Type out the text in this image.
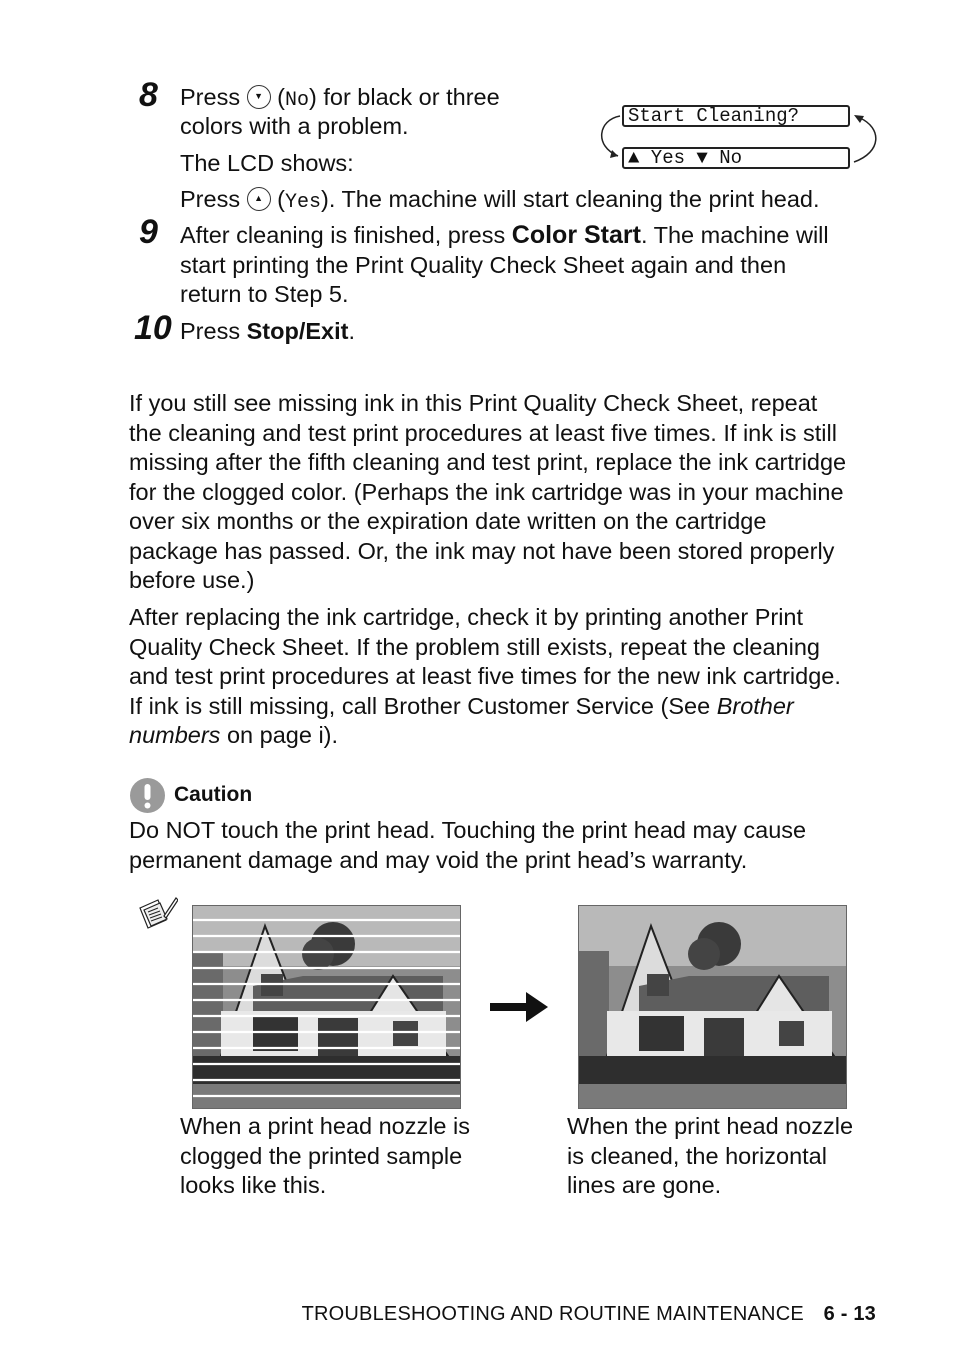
8 Press	▼ (No) for black or three
colors with a problem.
The LCD shows:
Start Cleaning?
▲ Yes ▼ No
Press	▲ (Yes). The machine will start cleaning the print head.
9 After cleaning is finished, press Color Start. The machine will
start printing the Print Quality Check Sheet again and then
return to Step 5.
10 Press Stop/Exit.

If you still see missing ink in this Print Quality Check Sheet, repeat

the cleaning and test print procedures at least five times. If ink is still

missing after the fifth cleaning and test print, replace the ink cartridge

for the clogged color. (Perhaps the ink cartridge was in your machine

over six months or the expiration date written on the cartridge

package has passed. Or, the ink may not have been stored properly

before use.)

After replacing the ink cartridge, check it by printing another Print

Quality Check Sheet. If the problem still exists, repeat the cleaning

and test print procedures at least five times for the new ink cartridge.

If ink is still missing, call Brother Customer Service (See Brother

numbers on page i).

Caution

Do NOT touch the print head. Touching the print head may cause

permanent damage and may void the print head’s warranty.

When a print head nozzle is

clogged the printed sample

looks like this.

When the print head nozzle

is cleaned, the horizontal

lines are gone.

TROUBLESHOOTING AND ROUTINE MAINTENANCE 6 - 13
